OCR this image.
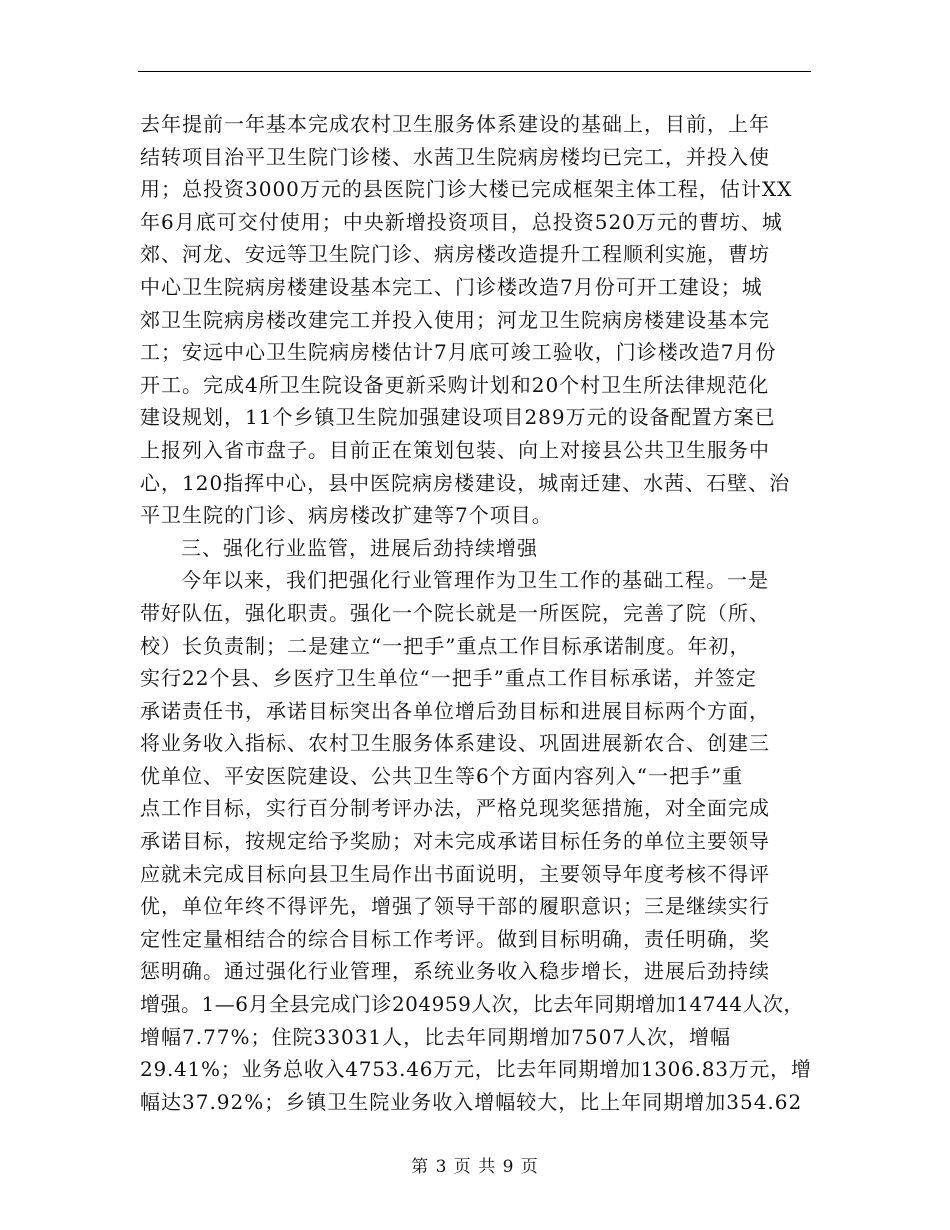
去年提前一年基本完成农村卫生服务体系建设的基础上，目前，上年
结转项目治平卫生院门诊楼、水茜卫生院病房楼均已完工，并投入使
用；总投资3000万元的县医院门诊大楼已完成框架主体工程，估计XX
年6月底可交付使用；中央新增投资项目，总投资520万元的曹坊、城
郊、河龙、安远等卫生院门诊、病房楼改造提升工程顺利实施，曹坊
中心卫生院病房楼建设基本完工、门诊楼改造7月份可开工建设；城
郊卫生院病房楼改建完工并投入使用；河龙卫生院病房楼建设基本完
工；安远中心卫生院病房楼估计7月底可竣工验收，门诊楼改造7月份
开工。完成4所卫生院设备更新采购计划和20个村卫生所法律规范化
建设规划，11个乡镇卫生院加强建设项目289万元的设备配置方案已
上报列入省市盘子。目前正在策划包装、向上对接县公共卫生服务中
心，120指挥中心，县中医院病房楼建设，城南迁建、水茜、石壁、治
平卫生院的门诊、病房楼改扩建等7个项目。
三、强化行业监管，进展后劲持续增强
今年以来，我们把强化行业管理作为卫生工作的基础工程。一是
带好队伍，强化职责。强化一个院长就是一所医院，完善了院（所、
校）长负责制；二是建立“一把手”重点工作目标承诺制度。年初，
实行22个县、乡医疗卫生单位“一把手”重点工作目标承诺，并签定
承诺责任书，承诺目标突出各单位增后劲目标和进展目标两个方面，
将业务收入指标、农村卫生服务体系建设、巩固进展新农合、创建三
优单位、平安医院建设、公共卫生等6个方面内容列入“一把手”重
点工作目标，实行百分制考评办法，严格兑现奖惩措施，对全面完成
承诺目标，按规定给予奖励；对未完成承诺目标任务的单位主要领导
应就未完成目标向县卫生局作出书面说明，主要领导年度考核不得评
优，单位年终不得评先，增强了领导干部的履职意识；三是继续实行
定性定量相结合的综合目标工作考评。做到目标明确，责任明确，奖
惩明确。通过强化行业管理，系统业务收入稳步增长，进展后劲持续
增强。1—6月全县完成门诊204959人次，比去年同期增加14744人次，
增幅7.77%；住院33031人，比去年同期增加7507人次，增幅
29.41%；业务总收入4753.46万元，比去年同期增加1306.83万元，增
幅达37.92%；乡镇卫生院业务收入增幅较大，比上年同期增加354.62
第 3 页 共 9 页
